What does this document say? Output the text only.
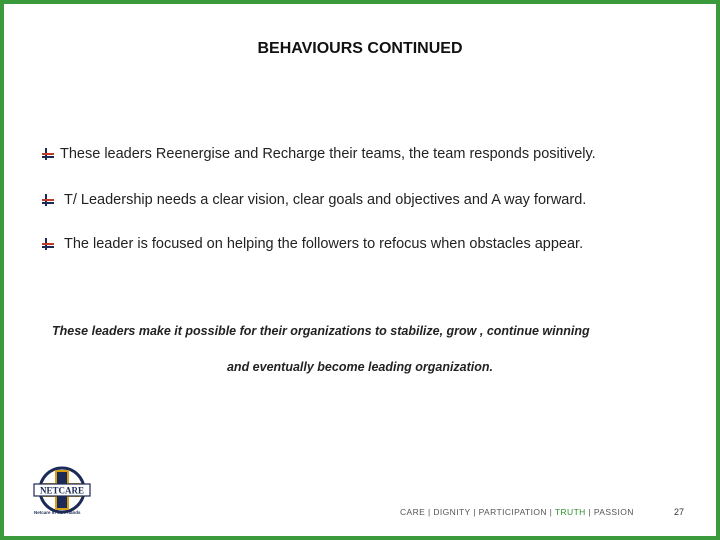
BEHAVIOURS CONTINUED
These leaders Reenergise and Recharge their teams, the team responds positively.
T/ Leadership needs a clear vision, clear goals and objectives and A way forward.
The leader is focused on helping the followers to refocus when obstacles appear.
These leaders make it possible for their organizations to stabilize, grow , continue winning
and eventually become leading organization.
NETCARE
Netcare in safe hands	CARE | DIGNITY | PARTICIPATION | TRUTH | PASSION	27
